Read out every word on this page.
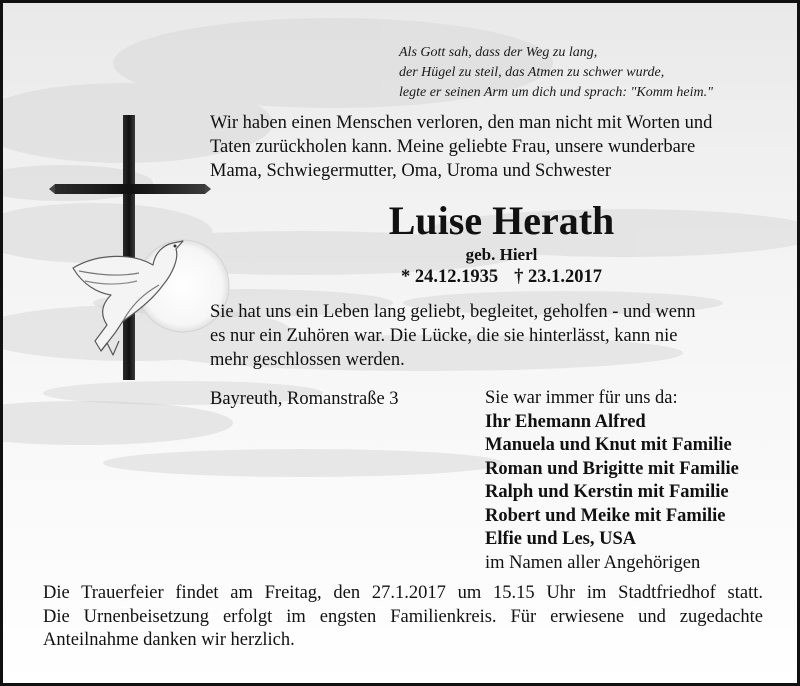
Als Gott sah, dass der Weg zu lang,
der Hügel zu steil, das Atmen zu schwer wurde,
legte er seinen Arm um dich und sprach: "Komm heim."
Wir haben einen Menschen verloren, den man nicht mit Worten und
Taten zurückholen kann. Meine geliebte Frau, unsere wunderbare
Mama, Schwiegermutter, Oma, Uroma und Schwester
Luise Herath
geb. Hierl
* 24.12.1935 † 23.1.2017
Sie hat uns ein Leben lang geliebt, begleitet, geholfen - und wenn
es nur ein Zuhören war. Die Lücke, die sie hinterlässt, kann nie
mehr geschlossen werden.
Bayreuth, Romanstraße 3	Sie war immer für uns da:
Ihr Ehemann Alfred
Manuela und Knut mit Familie
Roman und Brigitte mit Familie
Ralph und Kerstin mit Familie
Robert und Meike mit Familie
Elfie und Les, USA
im Namen aller Angehörigen
Die Trauerfeier findet am Freitag, den 27.1.2017 um 15.15 Uhr im Stadtfriedhof statt.
Die Urnenbeisetzung erfolgt im engsten Familienkreis. Für erwiesene und zugedachte
Anteilnahme danken wir herzlich.
